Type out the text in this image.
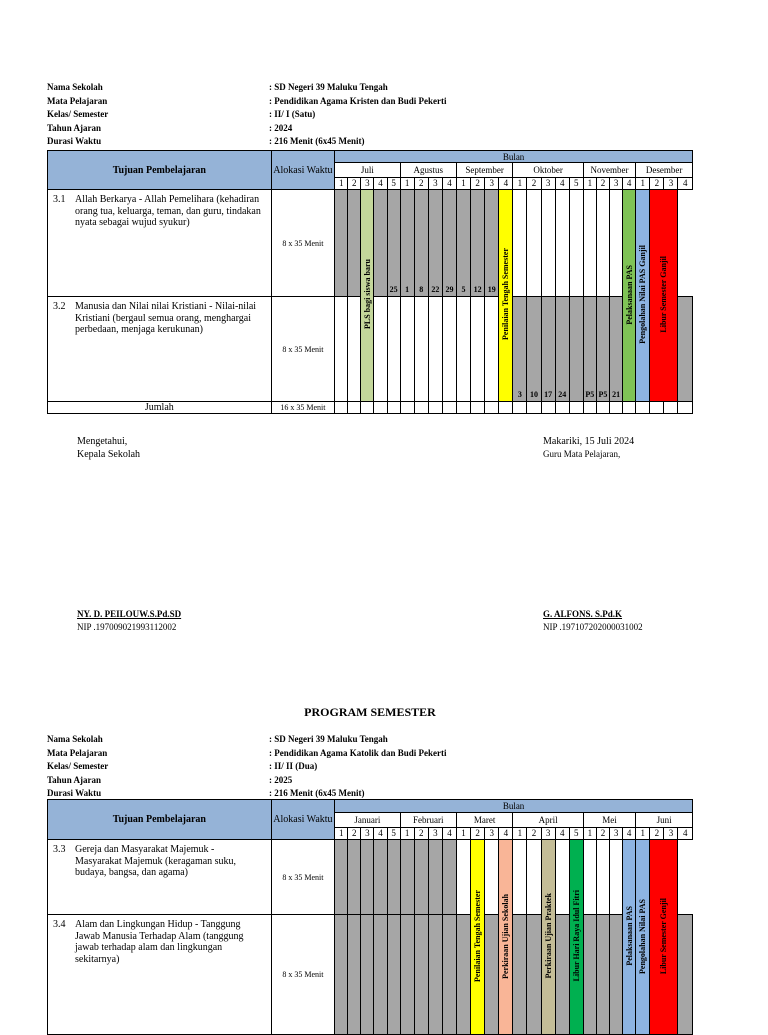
Nama Sekolah	: SD Negeri 39 Maluku Tengah
Mata Pelajaran	: Pendidikan Agama Kristen dan Budi Pekerti
Kelas/ Semester	: II/ I (Satu)
Tahun Ajaran	: 2024
Durasi Waktu	: 216 Menit (6x45 Menit)
Tujuan Pembelajaran	Alokasi Waktu	Bulan																									
		Juli					Agustus				September				Oktober					November				Desember			
		1	2	3	4	5	1	2	3	4	1	2	3	4	1	2	3	4	5	1	2	3	4	1	2	3	4
3.1 Allah Berkarya - Allah Pemelihara (kehadiran orang tua, keluarga, teman, dan guru, tindakan nyata sebagai wujud syukur)	8 x 35 Menit			PLS bagi siswa baru		25	1	8	22	29	5	12	19	Penilaian Tengah Semester									Pelaksanaan PAS	Pengolahan Nilai PAS Ganjil	Libur Semester Ganjil		
3.2 Manusia dan Nilai nilai Kristiani - Nilai-nilai Kristiani (bergaul semua orang, menghargai perbedaan, menjaga kerukunan)	8 x 35 Menit														3	10	17	24		P5	P5	21					
Jumlah	16 x 35 Menit																										
Mengetahui,
Kepala Sekolah
Makariki, 15 Juli 2024
Guru Mata Pelajaran,
NY. D. PEILOUW.S.Pd.SD
NIP .197009021993112002
G. ALFONS. S.Pd.K
NIP .197107202000031002
PROGRAM SEMESTER
Nama Sekolah	: SD Negeri 39 Maluku Tengah
Mata Pelajaran	: Pendidikan Agama Katolik dan Budi Pekerti
Kelas/ Semester	: II/ II (Dua)
Tahun Ajaran	: 2025
Durasi Waktu	: 216 Menit (6x45 Menit)
Tujuan Pembelajaran	Alokasi Waktu	Bulan																									
		Januari					Februari				Maret				April					Mei				Juni			
		1	2	3	4	5	1	2	3	4	1	2	3	4	1	2	3	4	5	1	2	3	4	1	2	3	4
3.3 Gereja dan Masyarakat Majemuk - Masyarakat Majemuk (keragaman suku, budaya, bangsa, dan agama)	8 x 35 Menit											Penilaian Tengah Semester		Perkiraan Ujian Sekolah			Perkiraan Ujian Praktek		Libur Hari Raya Idul Fitri				Pelaksanaan PAS	Pengolahan Nilai PAS	Libur Semester Genjil		
3.4 Alam dan Lingkungan Hidup - Tanggung Jawab Manusia Terhadap Alam (tanggung jawab terhadap alam dan lingkungan sekitarnya)	8 x 35 Menit																										
